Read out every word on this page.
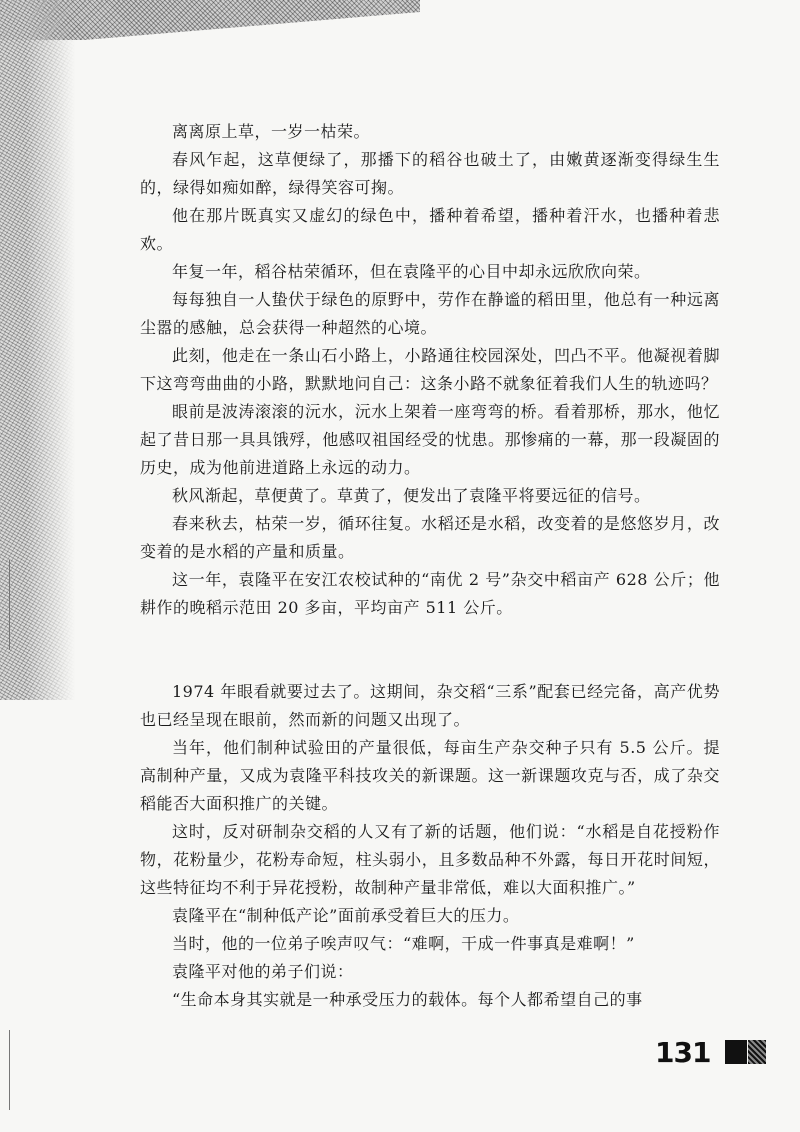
离离原上草，一岁一枯荣。

春风乍起，这草便绿了，那播下的稻谷也破土了，由嫩黄逐渐变得绿生生的，绿得如痴如醉，绿得笑容可掬。

他在那片既真实又虚幻的绿色中，播种着希望，播种着汗水，也播种着悲欢。

年复一年，稻谷枯荣循环，但在袁隆平的心目中却永远欣欣向荣。

每每独自一人蛰伏于绿色的原野中，劳作在静谧的稻田里，他总有一种远离尘嚣的感触，总会获得一种超然的心境。

此刻，他走在一条山石小路上，小路通往校园深处，凹凸不平。他凝视着脚下这弯弯曲曲的小路，默默地问自己：这条小路不就象征着我们人生的轨迹吗？

眼前是波涛滚滚的沅水，沅水上架着一座弯弯的桥。看着那桥，那水，他忆起了昔日那一具具饿殍，他感叹祖国经受的忧患。那惨痛的一幕，那一段凝固的历史，成为他前进道路上永远的动力。

秋风渐起，草便黄了。草黄了，便发出了袁隆平将要远征的信号。

春来秋去，枯荣一岁，循环往复。水稻还是水稻，改变着的是悠悠岁月，改变着的是水稻的产量和质量。

这一年，袁隆平在安江农校试种的“南优 2 号”杂交中稻亩产 628 公斤；他耕作的晚稻示范田 20 多亩，平均亩产 511 公斤。

1974 年眼看就要过去了。这期间，杂交稻“三系”配套已经完备，高产优势也已经呈现在眼前，然而新的问题又出现了。

当年，他们制种试验田的产量很低，每亩生产杂交种子只有 5.5 公斤。提高制种产量，又成为袁隆平科技攻关的新课题。这一新课题攻克与否，成了杂交稻能否大面积推广的关键。

这时，反对研制杂交稻的人又有了新的话题，他们说：“水稻是自花授粉作物，花粉量少，花粉寿命短，柱头弱小，且多数品种不外露，每日开花时间短，这些特征均不利于异花授粉，故制种产量非常低，难以大面积推广。”

袁隆平在“制种低产论”面前承受着巨大的压力。

当时，他的一位弟子唉声叹气：“难啊，干成一件事真是难啊！”

袁隆平对他的弟子们说：

“生命本身其实就是一种承受压力的载体。每个人都希望自己的事

131
